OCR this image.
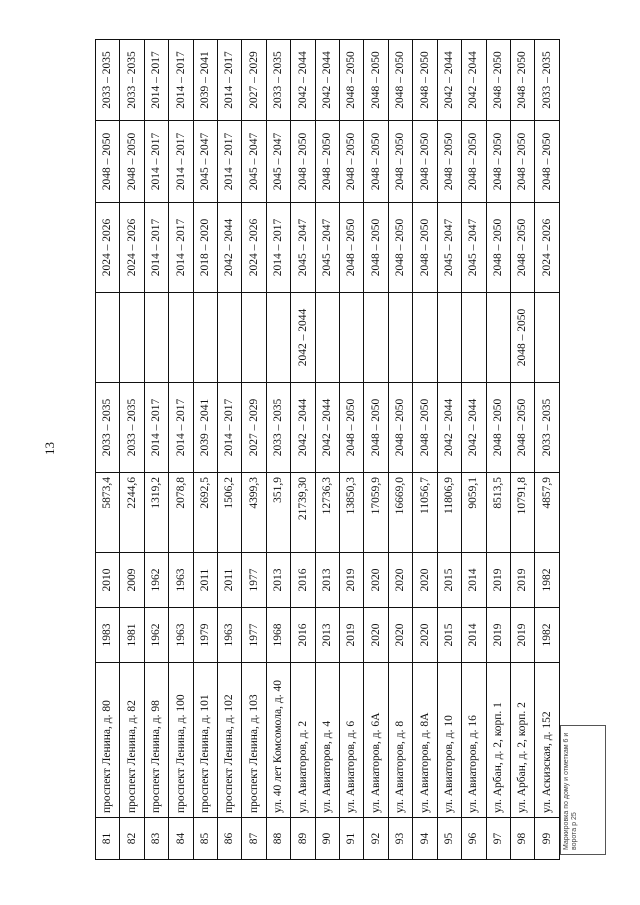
13
81	проспект Ленина, д. 80	1983	2010	5873,4	2033 – 2035		2024 – 2026	2048 – 2050	2033 – 2035
82	проспект Ленина, д. 82	1981	2009	2244,6	2033 – 2035		2024 – 2026	2048 – 2050	2033 – 2035
83	проспект Ленина, д. 98	1962	1962	1319,2	2014 – 2017		2014 – 2017	2014 – 2017	2014 – 2017
84	проспект Ленина, д. 100	1963	1963	2078,8	2014 – 2017		2014 – 2017	2014 – 2017	2014 – 2017
85	проспект Ленина, д. 101	1979	2011	2692,5	2039 – 2041		2018 – 2020	2045 – 2047	2039 – 2041
86	проспект Ленина, д. 102	1963	2011	1506,2	2014 – 2017		2042 – 2044	2014 – 2017	2014 – 2017
87	проспект Ленина, д. 103	1977	1977	4399,3	2027 – 2029		2024 – 2026	2045 – 2047	2027 – 2029
88	ул. 40 лет Комсомола, д. 40	1968	2013	351,9	2033 – 2035		2014 – 2017	2045 – 2047	2033 – 2035
89	ул. Авиаторов, д. 2	2016	2016	21739,30	2042 – 2044	2042 – 2044	2045 – 2047	2048 – 2050	2042 – 2044
90	ул. Авиаторов, д. 4	2013	2013	12736,3	2042 – 2044		2045 – 2047	2048 – 2050	2042 – 2044
91	ул. Авиаторов, д. 6	2019	2019	13850,3	2048 – 2050		2048 – 2050	2048 – 2050	2048 – 2050
92	ул. Авиаторов, д. 6А	2020	2020	17059,9	2048 – 2050		2048 – 2050	2048 – 2050	2048 – 2050
93	ул. Авиаторов, д. 8	2020	2020	16669,0	2048 – 2050		2048 – 2050	2048 – 2050	2048 – 2050
94	ул. Авиаторов, д. 8А	2020	2020	11056,7	2048 – 2050		2048 – 2050	2048 – 2050	2048 – 2050
95	ул. Авиаторов, д. 10	2015	2015	11806,9	2042 – 2044		2045 – 2047	2048 – 2050	2042 – 2044
96	ул. Авиаторов, д. 16	2014	2014	9059,1	2042 – 2044		2045 – 2047	2048 – 2050	2042 – 2044
97	ул. Арбан, д. 2, корп. 1	2019	2019	8513,5	2048 – 2050		2048 – 2050	2048 – 2050	2048 – 2050
98	ул. Арбан, д. 2, корп. 2	2019	2019	10791,8	2048 – 2050	2048 – 2050	2048 – 2050	2048 – 2050	2048 – 2050
99	ул. Аскизская, д. 152	1982	1982	4857,9	2033 – 2035		2024 – 2026	2048 – 2050	2033 – 2035
Маркировка по дому и отметкам 6 и ворота р 25
